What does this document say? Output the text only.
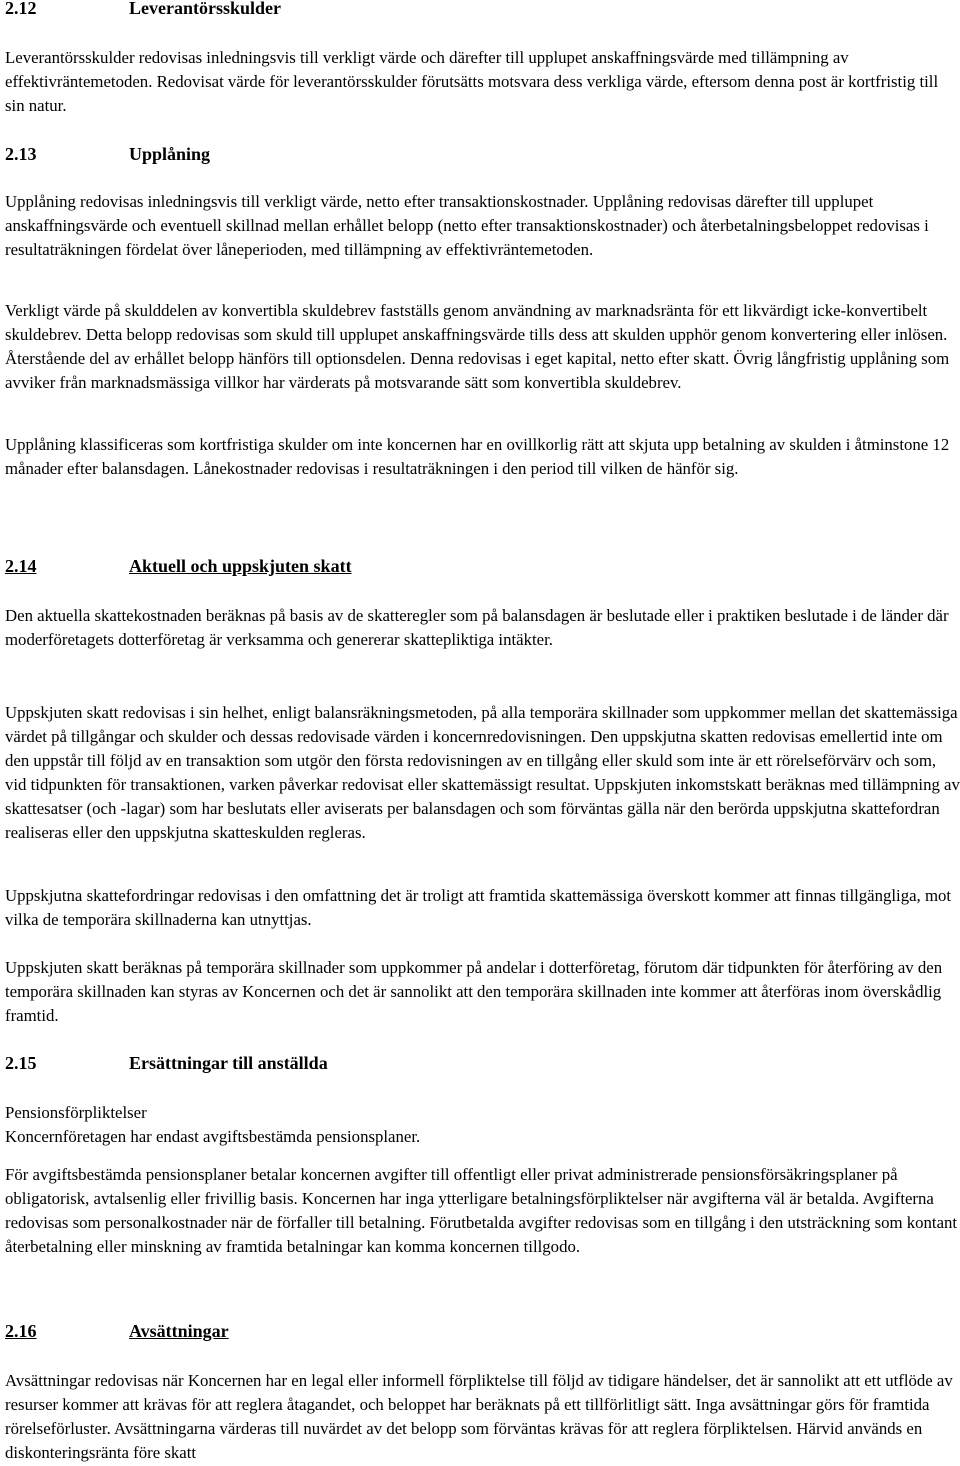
2.12	Leverantörsskulder

Leverantörsskulder redovisas inledningsvis till verkligt värde och därefter till upplupet anskaffningsvärde med tillämpning av effektivräntemetoden. Redovisat värde för leverantörsskulder förutsätts motsvara dess verkliga värde, eftersom denna post är kortfristig till sin natur.

2.13	Upplåning

Upplåning redovisas inledningsvis till verkligt värde, netto efter transaktionskostnader. Upplåning redovisas därefter till upplupet anskaffningsvärde och eventuell skillnad mellan erhållet belopp (netto efter transaktionskostnader) och återbetalningsbeloppet redovisas i resultaträkningen fördelat över låneperioden, med tillämpning av effektivräntemetoden.

Verkligt värde på skulddelen av konvertibla skuldebrev fastställs genom användning av marknadsränta för ett likvärdigt icke-konvertibelt skuldebrev. Detta belopp redovisas som skuld till upplupet anskaffningsvärde tills dess att skulden upphör genom konvertering eller inlösen. Återstående del av erhållet belopp hänförs till optionsdelen. Denna redovisas i eget kapital, netto efter skatt. Övrig långfristig upplåning som avviker från marknadsmässiga villkor har värderats på motsvarande sätt som konvertibla skuldebrev.

Upplåning klassificeras som kortfristiga skulder om inte koncernen har en ovillkorlig rätt att skjuta upp betalning av skulden i åtminstone 12 månader efter balansdagen. Lånekostnader redovisas i resultaträkningen i den period till vilken de hänför sig.

2.14	Aktuell och uppskjuten skatt

Den aktuella skattekostnaden beräknas på basis av de skatteregler som på balansdagen är beslutade eller i praktiken beslutade i de länder där moderföretagets dotterföretag är verksamma och genererar skattepliktiga intäkter.

Uppskjuten skatt redovisas i sin helhet, enligt balansräkningsmetoden, på alla temporära skillnader som uppkommer mellan det skattemässiga värdet på tillgångar och skulder och dessas redovisade värden i koncernredovisningen. Den uppskjutna skatten redovisas emellertid inte om den uppstår till följd av en transaktion som utgör den första redovisningen av en tillgång eller skuld som inte är ett rörelseförvärv och som, vid tidpunkten för transaktionen, varken påverkar redovisat eller skattemässigt resultat. Uppskjuten inkomstskatt beräknas med tillämpning av skattesatser (och -lagar) som har beslutats eller aviserats per balansdagen och som förväntas gälla när den berörda uppskjutna skattefordran realiseras eller den uppskjutna skatteskulden regleras.

Uppskjutna skattefordringar redovisas i den omfattning det är troligt att framtida skattemässiga överskott kommer att finnas tillgängliga, mot vilka de temporära skillnaderna kan utnyttjas.

Uppskjuten skatt beräknas på temporära skillnader som uppkommer på andelar i dotterföretag, förutom där tidpunkten för återföring av den temporära skillnaden kan styras av Koncernen och det är sannolikt att den temporära skillnaden inte kommer att återföras inom överskådlig framtid.

2.15	Ersättningar till anställda

Pensionsförpliktelser

Koncernföretagen har endast avgiftsbestämda pensionsplaner.

För avgiftsbestämda pensionsplaner betalar koncernen avgifter till offentligt eller privat administrerade pensionsförsäkringsplaner på obligatorisk, avtalsenlig eller frivillig basis. Koncernen har inga ytterligare betalningsförpliktelser när avgifterna väl är betalda. Avgifterna redovisas som personalkostnader när de förfaller till betalning. Förutbetalda avgifter redovisas som en tillgång i den utsträckning som kontant återbetalning eller minskning av framtida betalningar kan komma koncernen tillgodo.

2.16	Avsättningar

Avsättningar redovisas när Koncernen har en legal eller informell förpliktelse till följd av tidigare händelser, det är sannolikt att ett utflöde av resurser kommer att krävas för att reglera åtagandet, och beloppet har beräknats på ett tillförlitligt sätt. Inga avsättningar görs för framtida rörelseförluster. Avsättningarna värderas till nuvärdet av det belopp som förväntas krävas för att reglera förpliktelsen. Härvid används en diskonteringsränta före skatt
